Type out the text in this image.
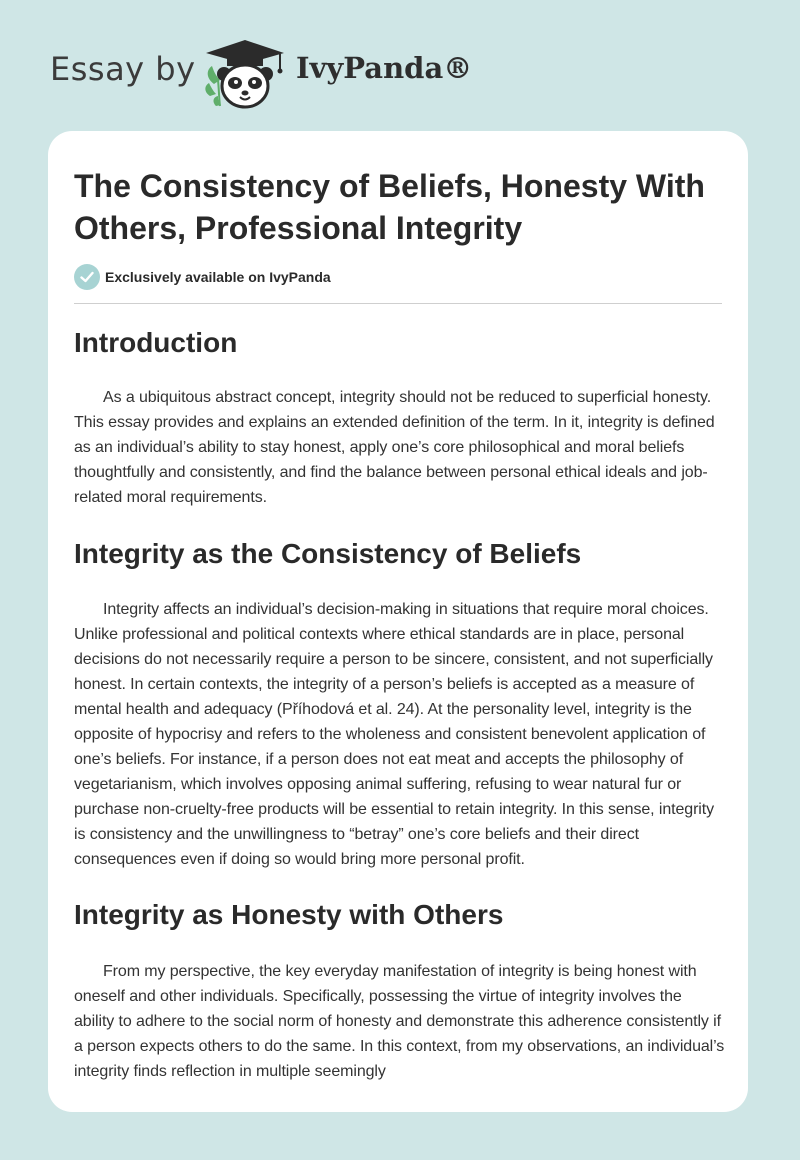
Essay by	IvyPanda®
The Consistency of Beliefs, Honesty With Others, Professional Integrity
Exclusively available on IvyPanda
Introduction

As a ubiquitous abstract concept, integrity should not be reduced to superficial honesty. This essay provides and explains an extended definition of the term. In it, integrity is defined as an individual’s ability to stay honest, apply one’s core philosophical and moral beliefs thoughtfully and consistently, and find the balance between personal ethical ideals and job-related moral requirements.

Integrity as the Consistency of Beliefs

Integrity affects an individual’s decision-making in situations that require moral choices. Unlike professional and political contexts where ethical standards are in place, personal decisions do not necessarily require a person to be sincere, consistent, and not superficially honest. In certain contexts, the integrity of a person’s beliefs is accepted as a measure of mental health and adequacy (Příhodová et al. 24). At the personality level, integrity is the opposite of hypocrisy and refers to the wholeness and consistent benevolent application of one’s beliefs. For instance, if a person does not eat meat and accepts the philosophy of vegetarianism, which involves opposing animal suffering, refusing to wear natural fur or purchase non-cruelty-free products will be essential to retain integrity. In this sense, integrity is consistency and the unwillingness to “betray” one’s core beliefs and their direct consequences even if doing so would bring more personal profit.

Integrity as Honesty with Others

From my perspective, the key everyday manifestation of integrity is being honest with oneself and other individuals. Specifically, possessing the virtue of integrity involves the ability to adhere to the social norm of honesty and demonstrate this adherence consistently if a person expects others to do the same. In this context, from my observations, an individual’s integrity finds reflection in multiple seemingly
